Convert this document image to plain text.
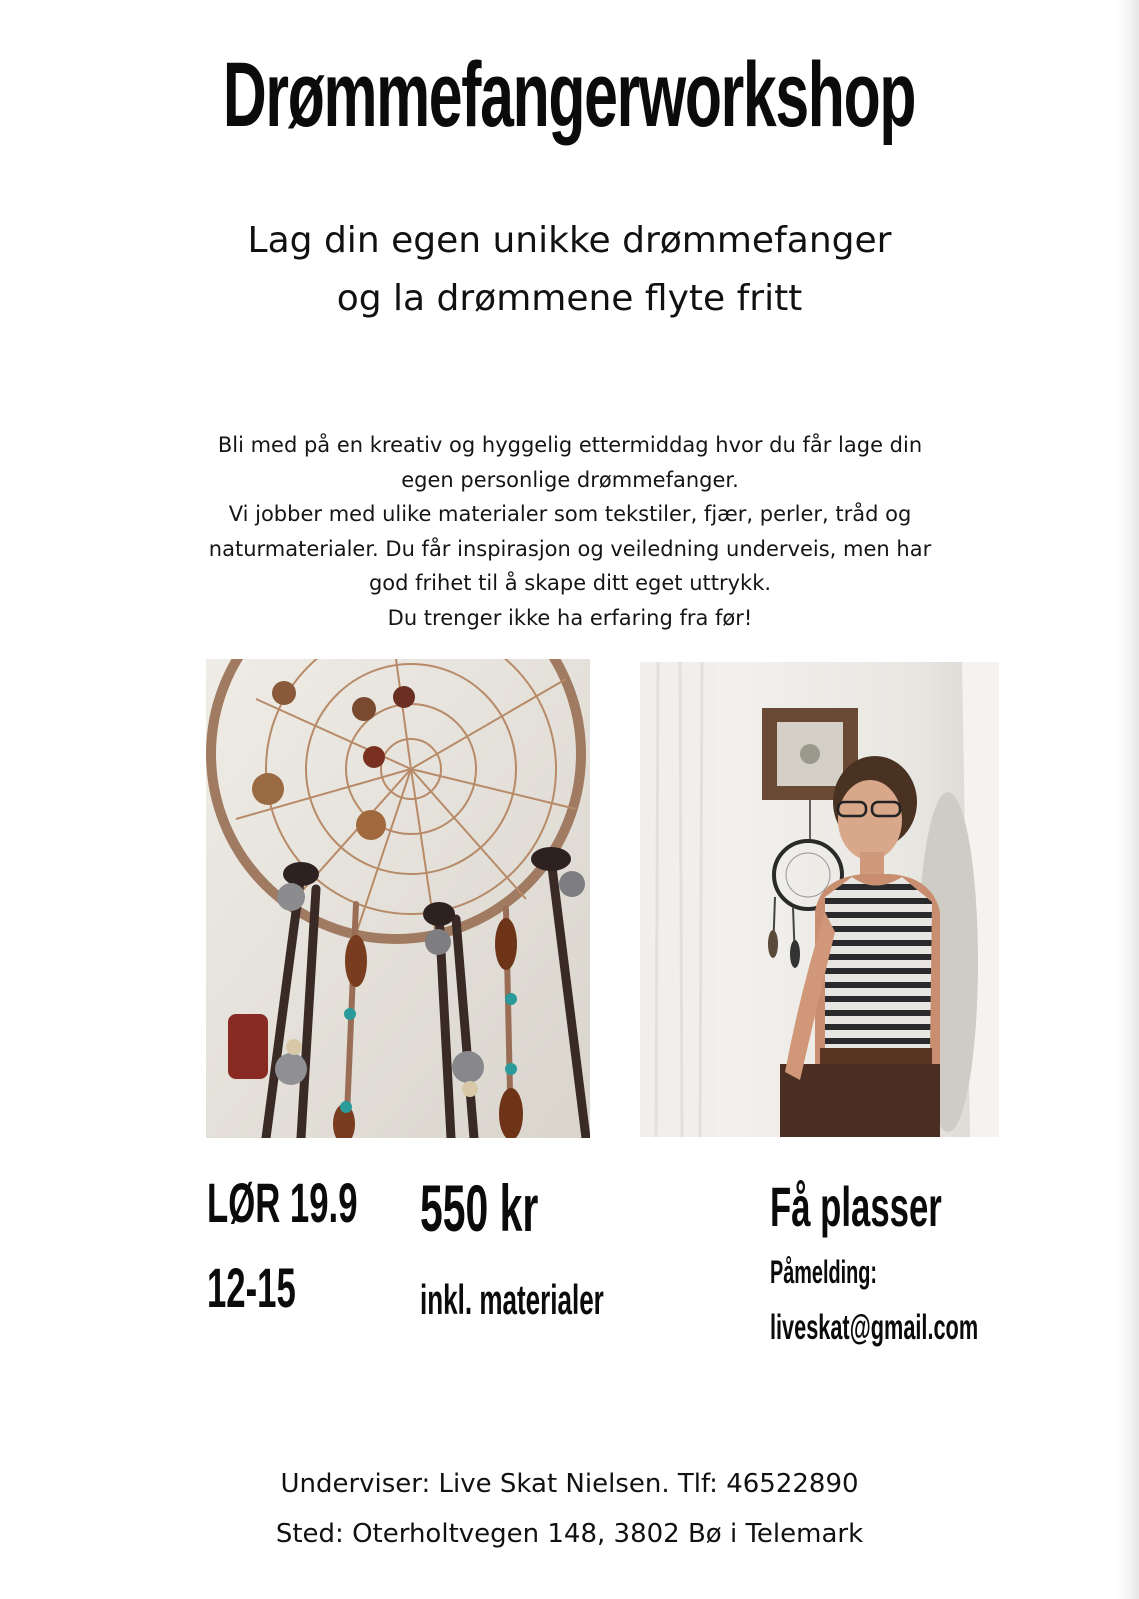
Drømmefangerworkshop
Lag din egen unikke drømmefanger
og la drømmene flyte fritt
Bli med på en kreativ og hyggelig ettermiddag hvor du får lage din
egen personlige drømmefanger.
Vi jobber med ulike materialer som tekstiler, fjær, perler, tråd og
naturmaterialer. Du får inspirasjon og veiledning underveis, men har
god frihet til å skape ditt eget uttrykk.
Du trenger ikke ha erfaring fra før!
LØR 19.9
12-15
550 kr
inkl. materialer
Få plasser
Påmelding:
liveskat@gmail.com
Underviser: Live Skat Nielsen. Tlf: 46522890
Sted: Oterholtvegen 148, 3802 Bø i Telemark
